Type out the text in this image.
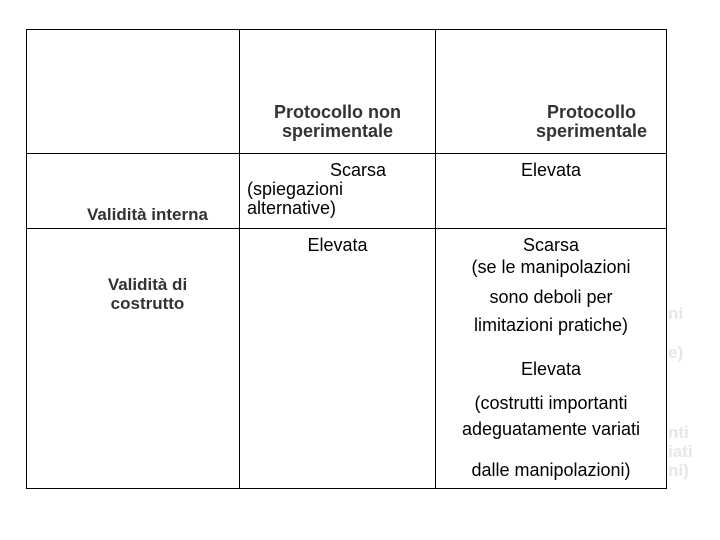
Protocollo non
sperimentale
Protocollo
sperimentale
Validità interna
Validità di
costrutto
Scarsa
(spiegazioni
alternative)
Elevata
Elevata	Scarsa
(se le manipolazioni
sono deboli per
limitazioni pratiche)
Elevata
(costrutti importanti
adeguatamente variati
dalle manipolazioni)
ni
e)
nti
iati
ni)
